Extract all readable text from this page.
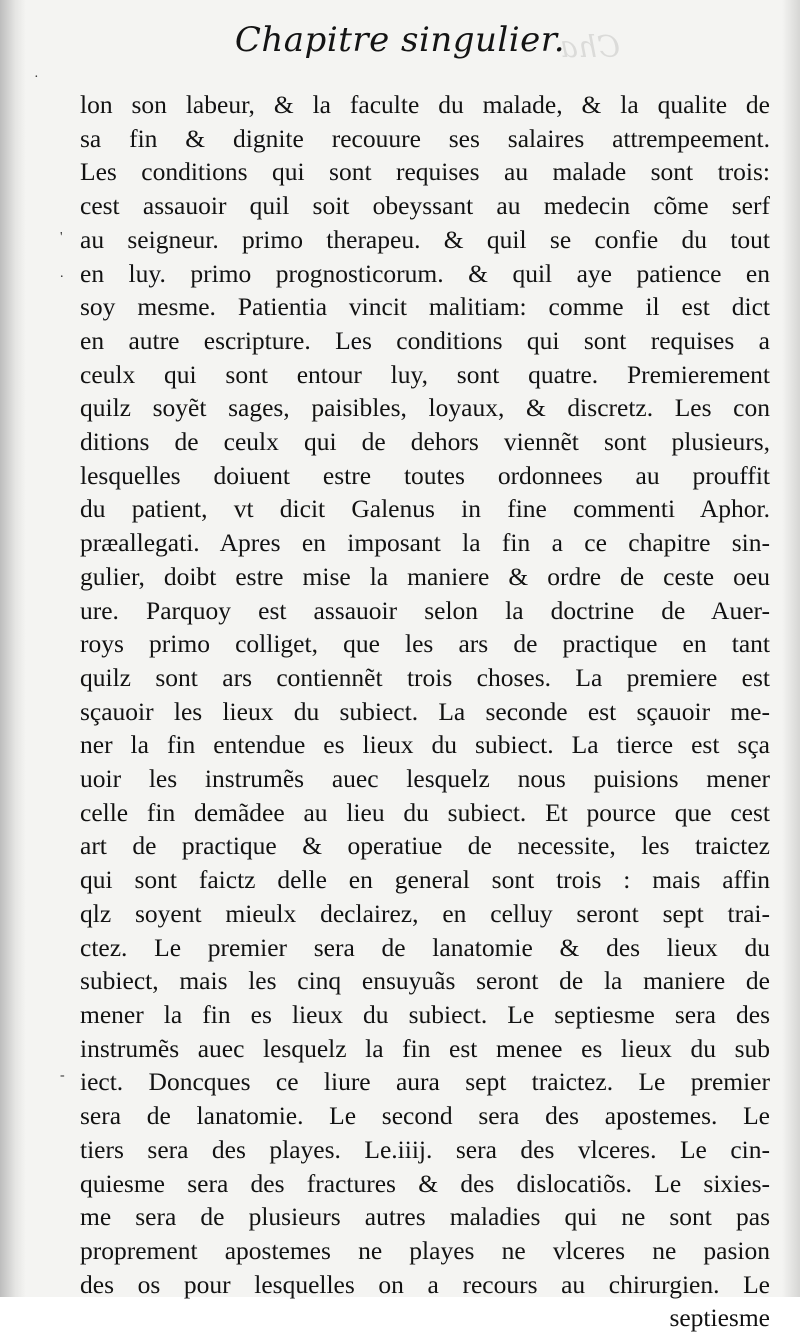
Cha
Chapitre singulier.
lon son labeur, & la faculte du malade, & la qualite de
sa fin & dignite recouure ses salaires attrempeement.
Les conditions qui sont requises au malade sont trois:
cest assauoir quil soit obeyssant au medecin cõme serf
au seigneur. primo therapeu. & quil se confie du tout
en luy. primo prognosticorum. & quil aye patience en
soy mesme. Patientia vincit malitiam: comme il est dict
en autre escripture. Les conditions qui sont requises a
ceulx qui sont entour luy, sont quatre. Premierement
quilz soyẽt sages, paisibles, loyaux, & discretz. Les con
ditions de ceulx qui de dehors viennẽt sont plusieurs,
lesquelles doiuent estre toutes ordonnees au prouffit
du patient, vt dicit Galenus in fine commenti Aphor.
præallegati. Apres en imposant la fin a ce chapitre sin-
gulier, doibt estre mise la maniere & ordre de ceste oeu
ure. Parquoy est assauoir selon la doctrine de Auer-
roys primo colliget, que les ars de practique en tant
quilz sont ars contiennẽt trois choses. La premiere est
sçauoir les lieux du subiect. La seconde est sçauoir me-
ner la fin entendue es lieux du subiect. La tierce est sça
uoir les instrumẽs auec lesquelz nous puisions mener
celle fin demãdee au lieu du subiect. Et pource que cest
art de practique & operatiue de necessite, les traictez
qui sont faictz delle en general sont trois : mais affin
qlz soyent mieulx declairez, en celluy seront sept trai-
ctez. Le premier sera de lanatomie & des lieux du
subiect, mais les cinq ensuyuãs seront de la maniere de
mener la fin es lieux du subiect. Le septiesme sera des
instrumẽs auec lesquelz la fin est menee es lieux du sub
iect. Doncques ce liure aura sept traictez. Le premier
sera de lanatomie. Le second sera des apostemes. Le
tiers sera des playes. Le.iiij. sera des vlceres. Le cin-
quiesme sera des fractures & des dislocatiõs. Le sixies-
me sera de plusieurs autres maladies qui ne sont pas
proprement apostemes ne playes ne vlceres ne pasion
des os pour lesquelles on a recours au chirurgien. Le
septiesme
·
'
.
-
